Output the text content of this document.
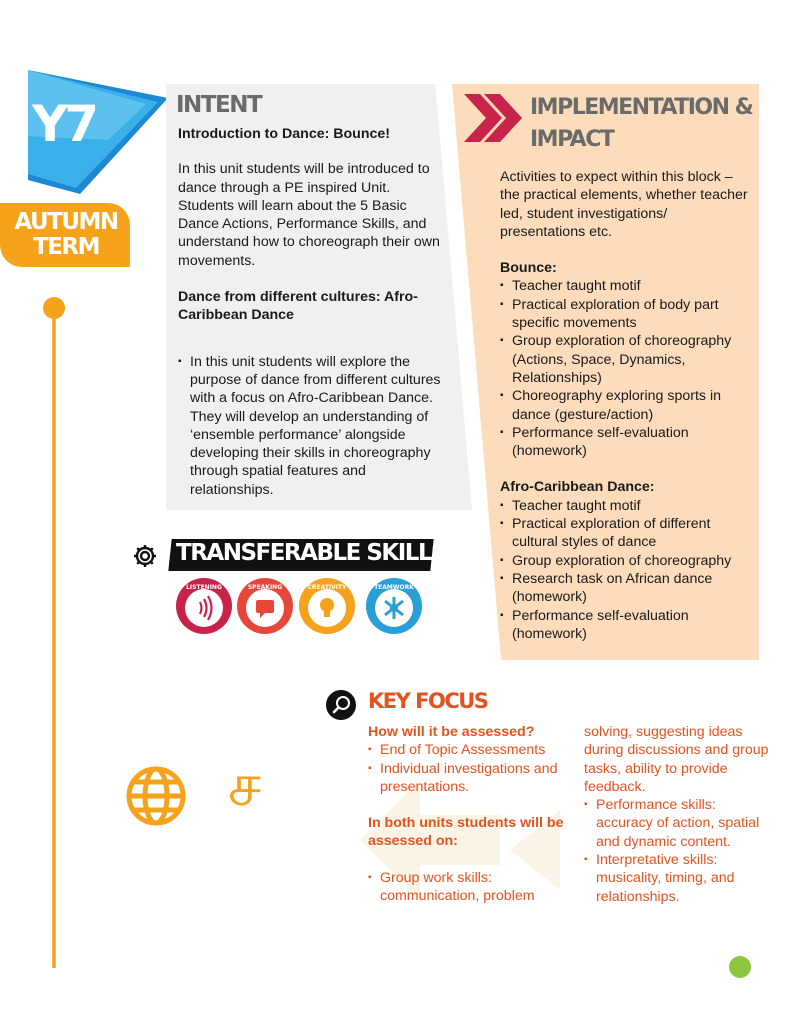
Y7
AUTUMN TERM
INTENT

Introduction to Dance: Bounce!

In this unit students will be introduced to dance through a PE inspired Unit. Students will learn about the 5 Basic Dance Actions, Performance Skills, and understand how to choreograph their own movements.

Dance from different cultures: Afro-Caribbean Dance

▪ In this unit students will explore the purpose of dance from different cultures with a focus on Afro-Caribbean Dance. They will develop an understanding of ‘ensemble performance’ alongside developing their skills in choreography through spatial features and relationships.
IMPLEMENTATION &
IMPACT

Activities to expect within this block –the practical elements, whether teacher led, student investigations/ presentations etc.

Bounce:

▪ Teacher taught motif
▪ Practical exploration of body part specific movements
▪ Group exploration of choreography (Actions, Space, Dynamics, Relationships)
▪ Choreography exploring sports in dance (gesture/action)
▪ Performance self-evaluation (homework)

Afro-Caribbean Dance:

▪ Teacher taught motif
▪ Practical exploration of different cultural styles of dance
▪ Group exploration of choreography
▪ Research task on African dance (homework)
▪ Performance self-evaluation (homework)
TRANSFERABLE SKILLS:
LISTENING	SPEAKING	CREATIVITY	TEAMWORK
KEY FOCUS

How will it be assessed?

▪ End of Topic Assessments
▪ Individual investigations and presentations.

In both units students will be assessed on:

▪ Group work skills: communication, problem

solving, suggesting ideas during discussions and group tasks, ability to provide feedback.

▪ Performance skills: accuracy of action, spatial and dynamic content.
▪ Interpretative skills: musicality, timing, and relationships.
ச
